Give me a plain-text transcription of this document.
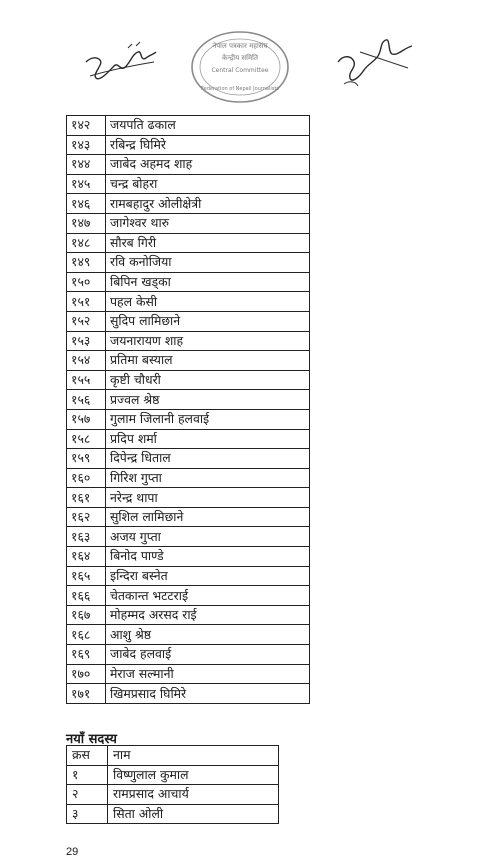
नेपाल पत्रकार महासंघ
केन्द्रीय समिति
Central Committee
Federation of Nepali Journalists
१४२	जयपति ढकाल
१४३	रबिन्द्र घिमिरे
१४४	जाबेद अहमद शाह
१४५	चन्द्र बोहरा
१४६	रामबहादुर ओलीक्षेत्री
१४७	जागेश्वर थारु
१४८	सौरब गिरी
१४९	रवि कनोजिया
१५०	बिपिन खड्का
१५१	पहल केसी
१५२	सुदिप लामिछाने
१५३	जयनारायण शाह
१५४	प्रतिमा बस्याल
१५५	कृष्टी चौधरी
१५६	प्रज्वल श्रेष्ठ
१५७	गुलाम जिलानी हलवाई
१५८	प्रदिप शर्मा
१५९	दिपेन्द्र धिताल
१६०	गिरिश गुप्ता
१६१	नरेन्द्र थापा
१६२	सुशिल लामिछाने
१६३	अजय गुप्ता
१६४	बिनोद पाण्डे
१६५	इन्दिरा बस्नेत
१६६	चेतकान्त भटटराई
१६७	मोहम्मद अरसद राई
१६८	आशु श्रेष्ठ
१६९	जाबेद हलवाई
१७०	मेराज सल्मानी
१७१	खिमप्रसाद घिमिरे
नयाँ सदस्य
क्रस	नाम
१	विष्णुलाल कुमाल
२	रामप्रसाद आचार्य
३	सिता ओली
29
